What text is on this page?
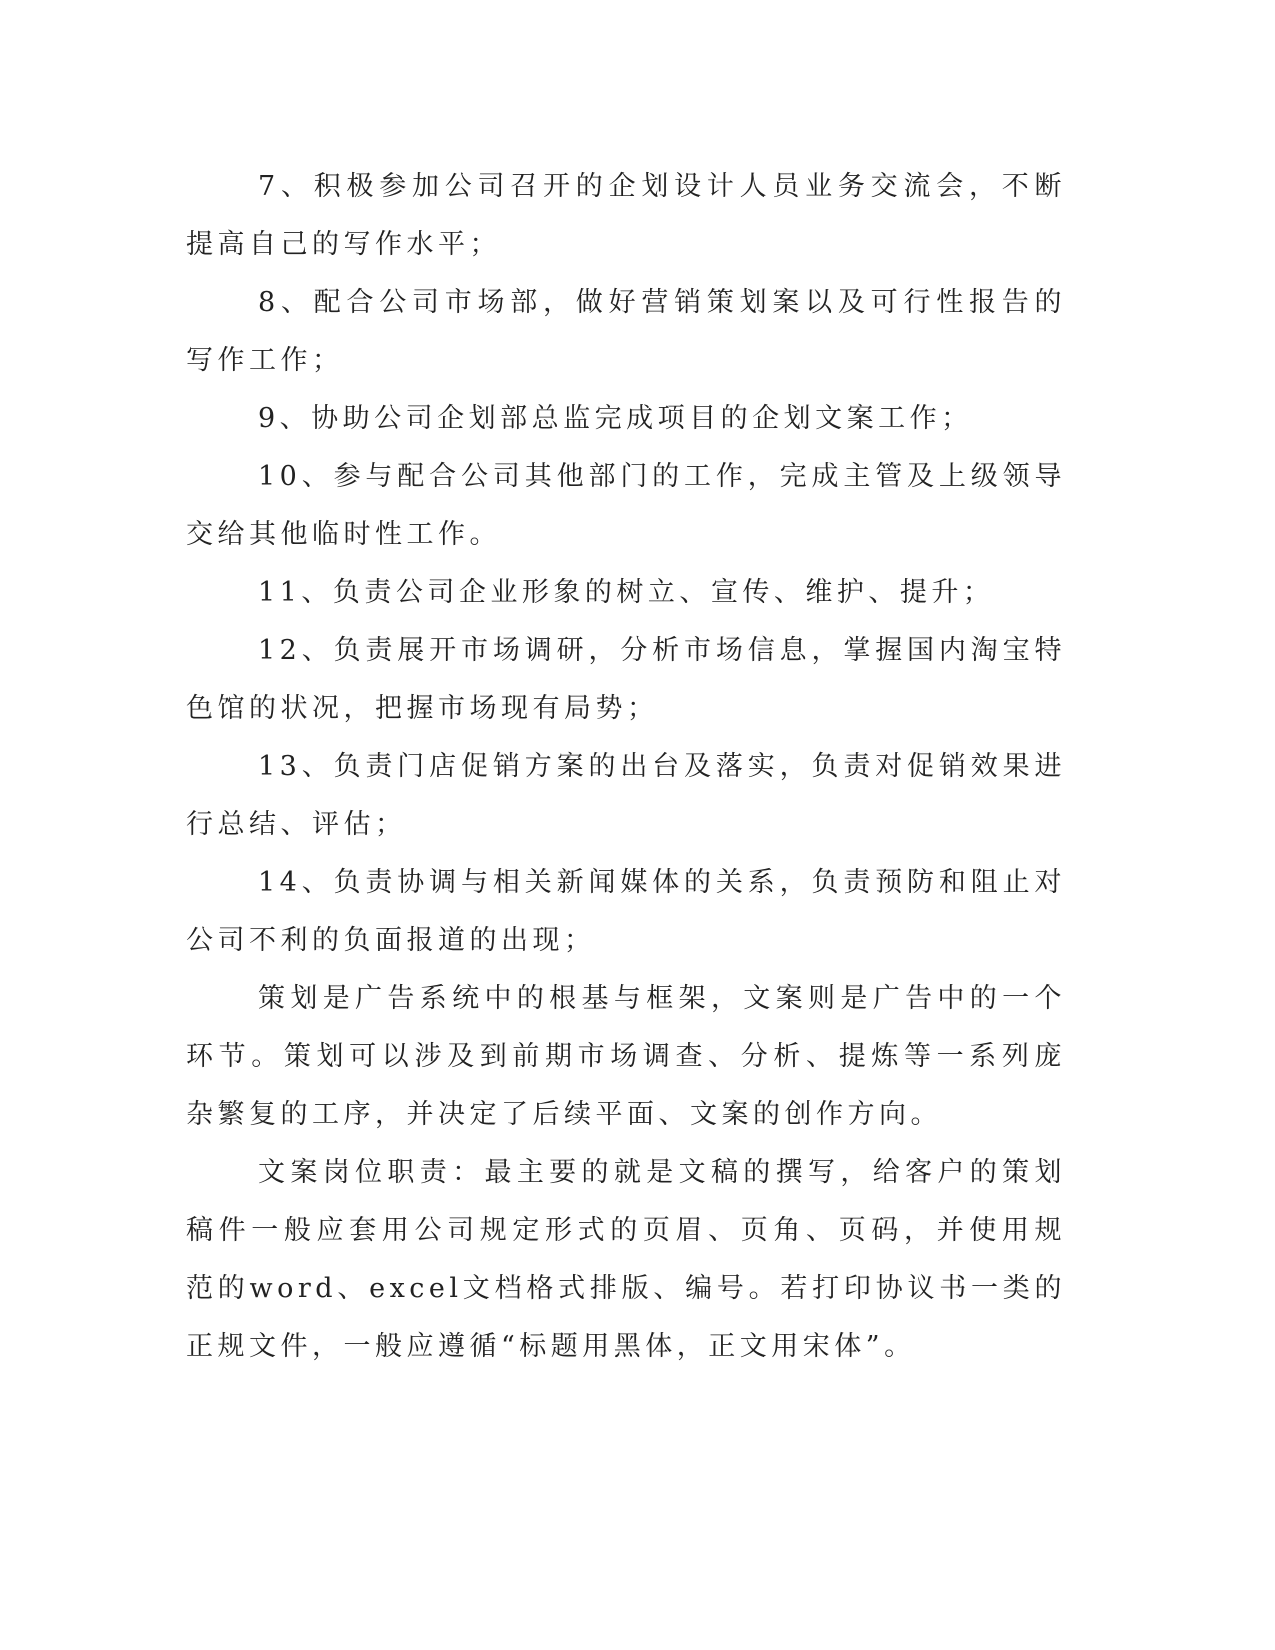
7、积极参加公司召开的企划设计人员业务交流会，不断提高自己的写作水平；

8、配合公司市场部，做好营销策划案以及可行性报告的写作工作；

9、协助公司企划部总监完成项目的企划文案工作；

10、参与配合公司其他部门的工作，完成主管及上级领导交给其他临时性工作。

11、负责公司企业形象的树立、宣传、维护、提升；

12、负责展开市场调研，分析市场信息，掌握国内淘宝特色馆的状况，把握市场现有局势；

13、负责门店促销方案的出台及落实，负责对促销效果进行总结、评估；

14、负责协调与相关新闻媒体的关系，负责预防和阻止对公司不利的负面报道的出现；

策划是广告系统中的根基与框架，文案则是广告中的一个环节。策划可以涉及到前期市场调查、分析、提炼等一系列庞杂繁复的工序，并决定了后续平面、文案的创作方向。

文案岗位职责：最主要的就是文稿的撰写，给客户的策划稿件一般应套用公司规定形式的页眉、页角、页码，并使用规范的word、excel文档格式排版、编号。若打印协议书一类的正规文件，一般应遵循“标题用黑体，正文用宋体”。
